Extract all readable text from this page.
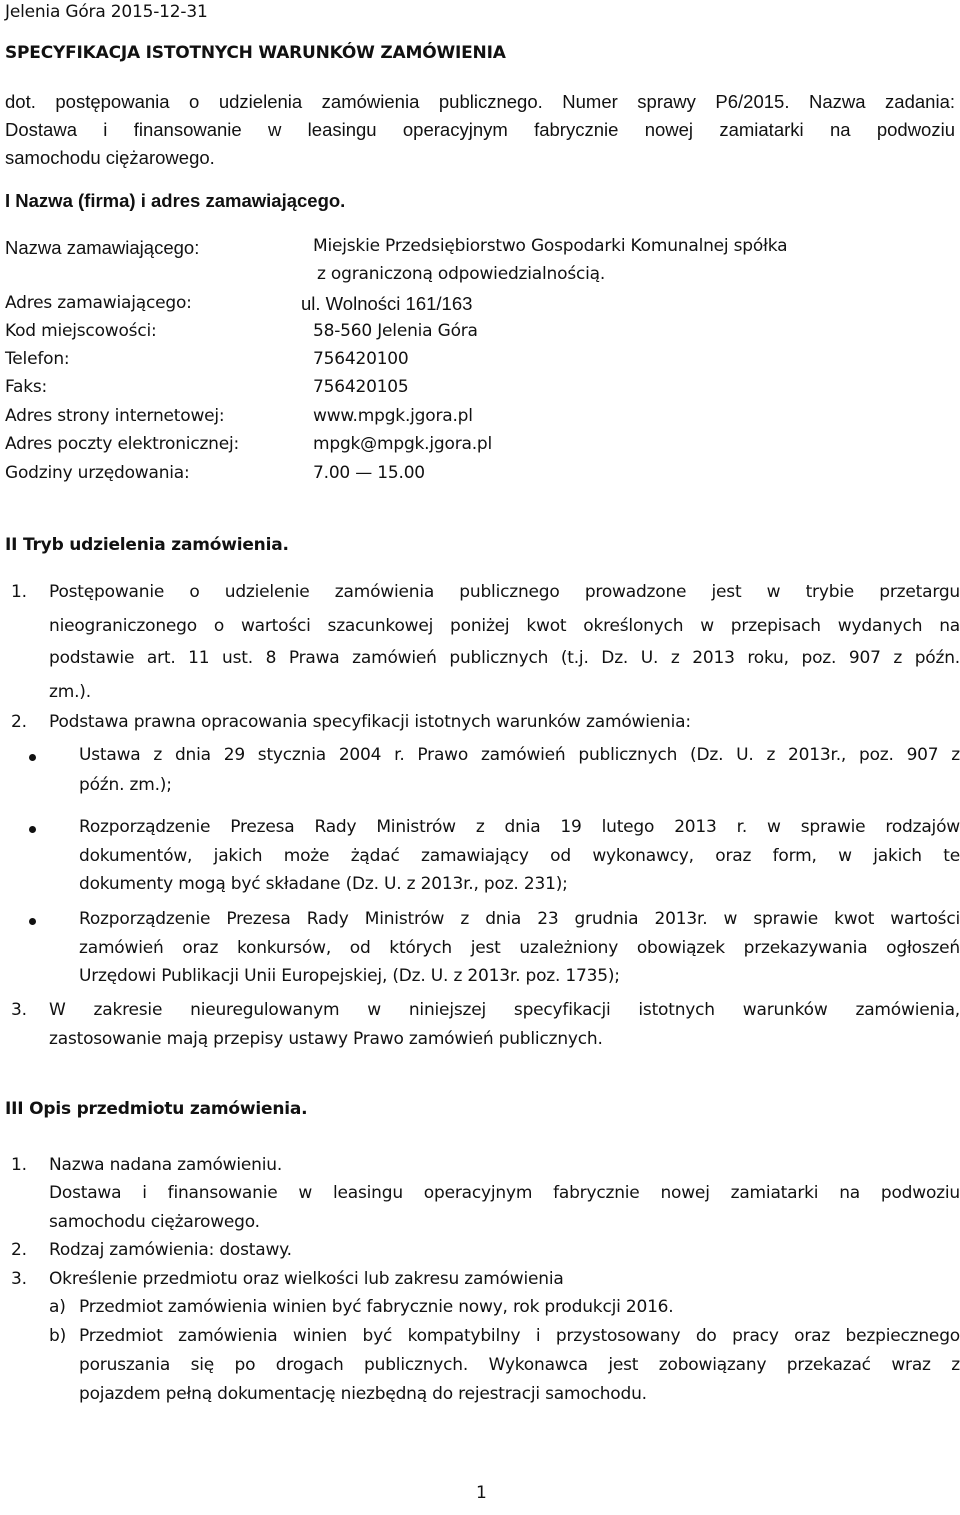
Jelenia Góra 2015-12-31
SPECYFIKACJA ISTOTNYCH WARUNKÓW ZAMÓWIENIA
dot. postępowania o udzielenia zamówienia publicznego. Numer sprawy P6/2015. Nazwa zadania:
Dostawa i finansowanie w leasingu operacyjnym fabrycznie nowej zamiatarki na podwoziu
samochodu ciężarowego.
I Nazwa (firma) i adres zamawiającego.
Nazwa zamawiającego:	Miejskie Przedsiębiorstwo Gospodarki Komunalnej spółka
z ograniczoną odpowiedzialnością.
Adres zamawiającego:	ul. Wolności 161/163
Kod miejscowości:	58-560 Jelenia Góra
Telefon:	756420100
Faks:	756420105
Adres strony internetowej:	www.mpgk.jgora.pl
Adres poczty elektronicznej:	mpgk@mpgk.jgora.pl
Godziny urzędowania:	7.00 — 15.00
II Tryb udzielenia zamówienia.
1. Postępowanie o udzielenie zamówienia publicznego prowadzone jest w trybie przetargu
nieograniczonego o wartości szacunkowej poniżej kwot określonych w przepisach wydanych na
podstawie art. 11 ust. 8 Prawa zamówień publicznych (t.j. Dz. U. z 2013 roku, poz. 907 z późn.
zm.).
2. Podstawa prawna opracowania specyfikacji istotnych warunków zamówienia:
Ustawa z dnia 29 stycznia 2004 r. Prawo zamówień publicznych (Dz. U. z 2013r., poz. 907 z
późn. zm.);
Rozporządzenie Prezesa Rady Ministrów z dnia 19 lutego 2013 r. w sprawie rodzajów
dokumentów, jakich może żądać zamawiający od wykonawcy, oraz form, w jakich te
dokumenty mogą być składane (Dz. U. z 2013r., poz. 231);
Rozporządzenie Prezesa Rady Ministrów z dnia 23 grudnia 2013r. w sprawie kwot wartości
zamówień oraz konkursów, od których jest uzależniony obowiązek przekazywania ogłoszeń
Urzędowi Publikacji Unii Europejskiej, (Dz. U. z 2013r. poz. 1735);
3. W zakresie nieuregulowanym w niniejszej specyfikacji istotnych warunków zamówienia,
zastosowanie mają przepisy ustawy Prawo zamówień publicznych.
III Opis przedmiotu zamówienia.
1. Nazwa nadana zamówieniu.
Dostawa i finansowanie w leasingu operacyjnym fabrycznie nowej zamiatarki na podwoziu
samochodu ciężarowego.
2. Rodzaj zamówienia: dostawy.
3. Określenie przedmiotu oraz wielkości lub zakresu zamówienia
a) Przedmiot zamówienia winien być fabrycznie nowy, rok produkcji 2016.
b) Przedmiot zamówienia winien być kompatybilny i przystosowany do pracy oraz bezpiecznego
poruszania się po drogach publicznych. Wykonawca jest zobowiązany przekazać wraz z
pojazdem pełną dokumentację niezbędną do rejestracji samochodu.
1
